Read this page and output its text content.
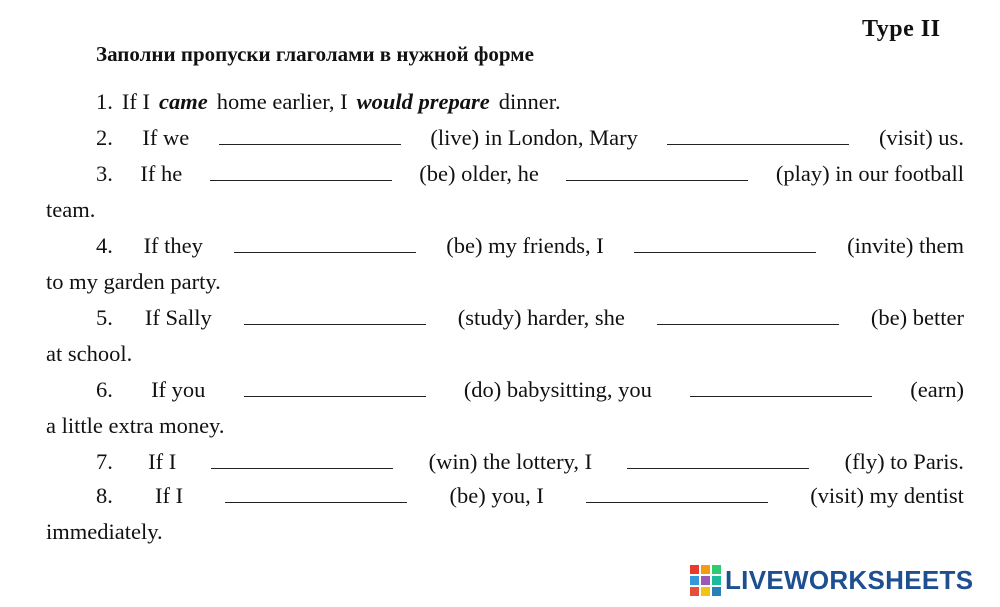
Type II
Заполни пропуски глаголами в нужной форме
1. If I came home earlier, I would prepare dinner.
2. If we	(live) in London, Mary	(visit) us.
3. If he	(be) older, he	(play) in our football
team.
4. If they	(be) my friends, I	(invite) them
to my garden party.
5. If Sally	(study) harder, she	(be) better
at school.
6. If you	(do) babysitting, you	(earn)
a little extra money.
7. If I	(win) the lottery, I	(fly) to Paris.
8. If I	(be) you, I	(visit) my dentist
immediately.
LIVEWORKSHEETS
